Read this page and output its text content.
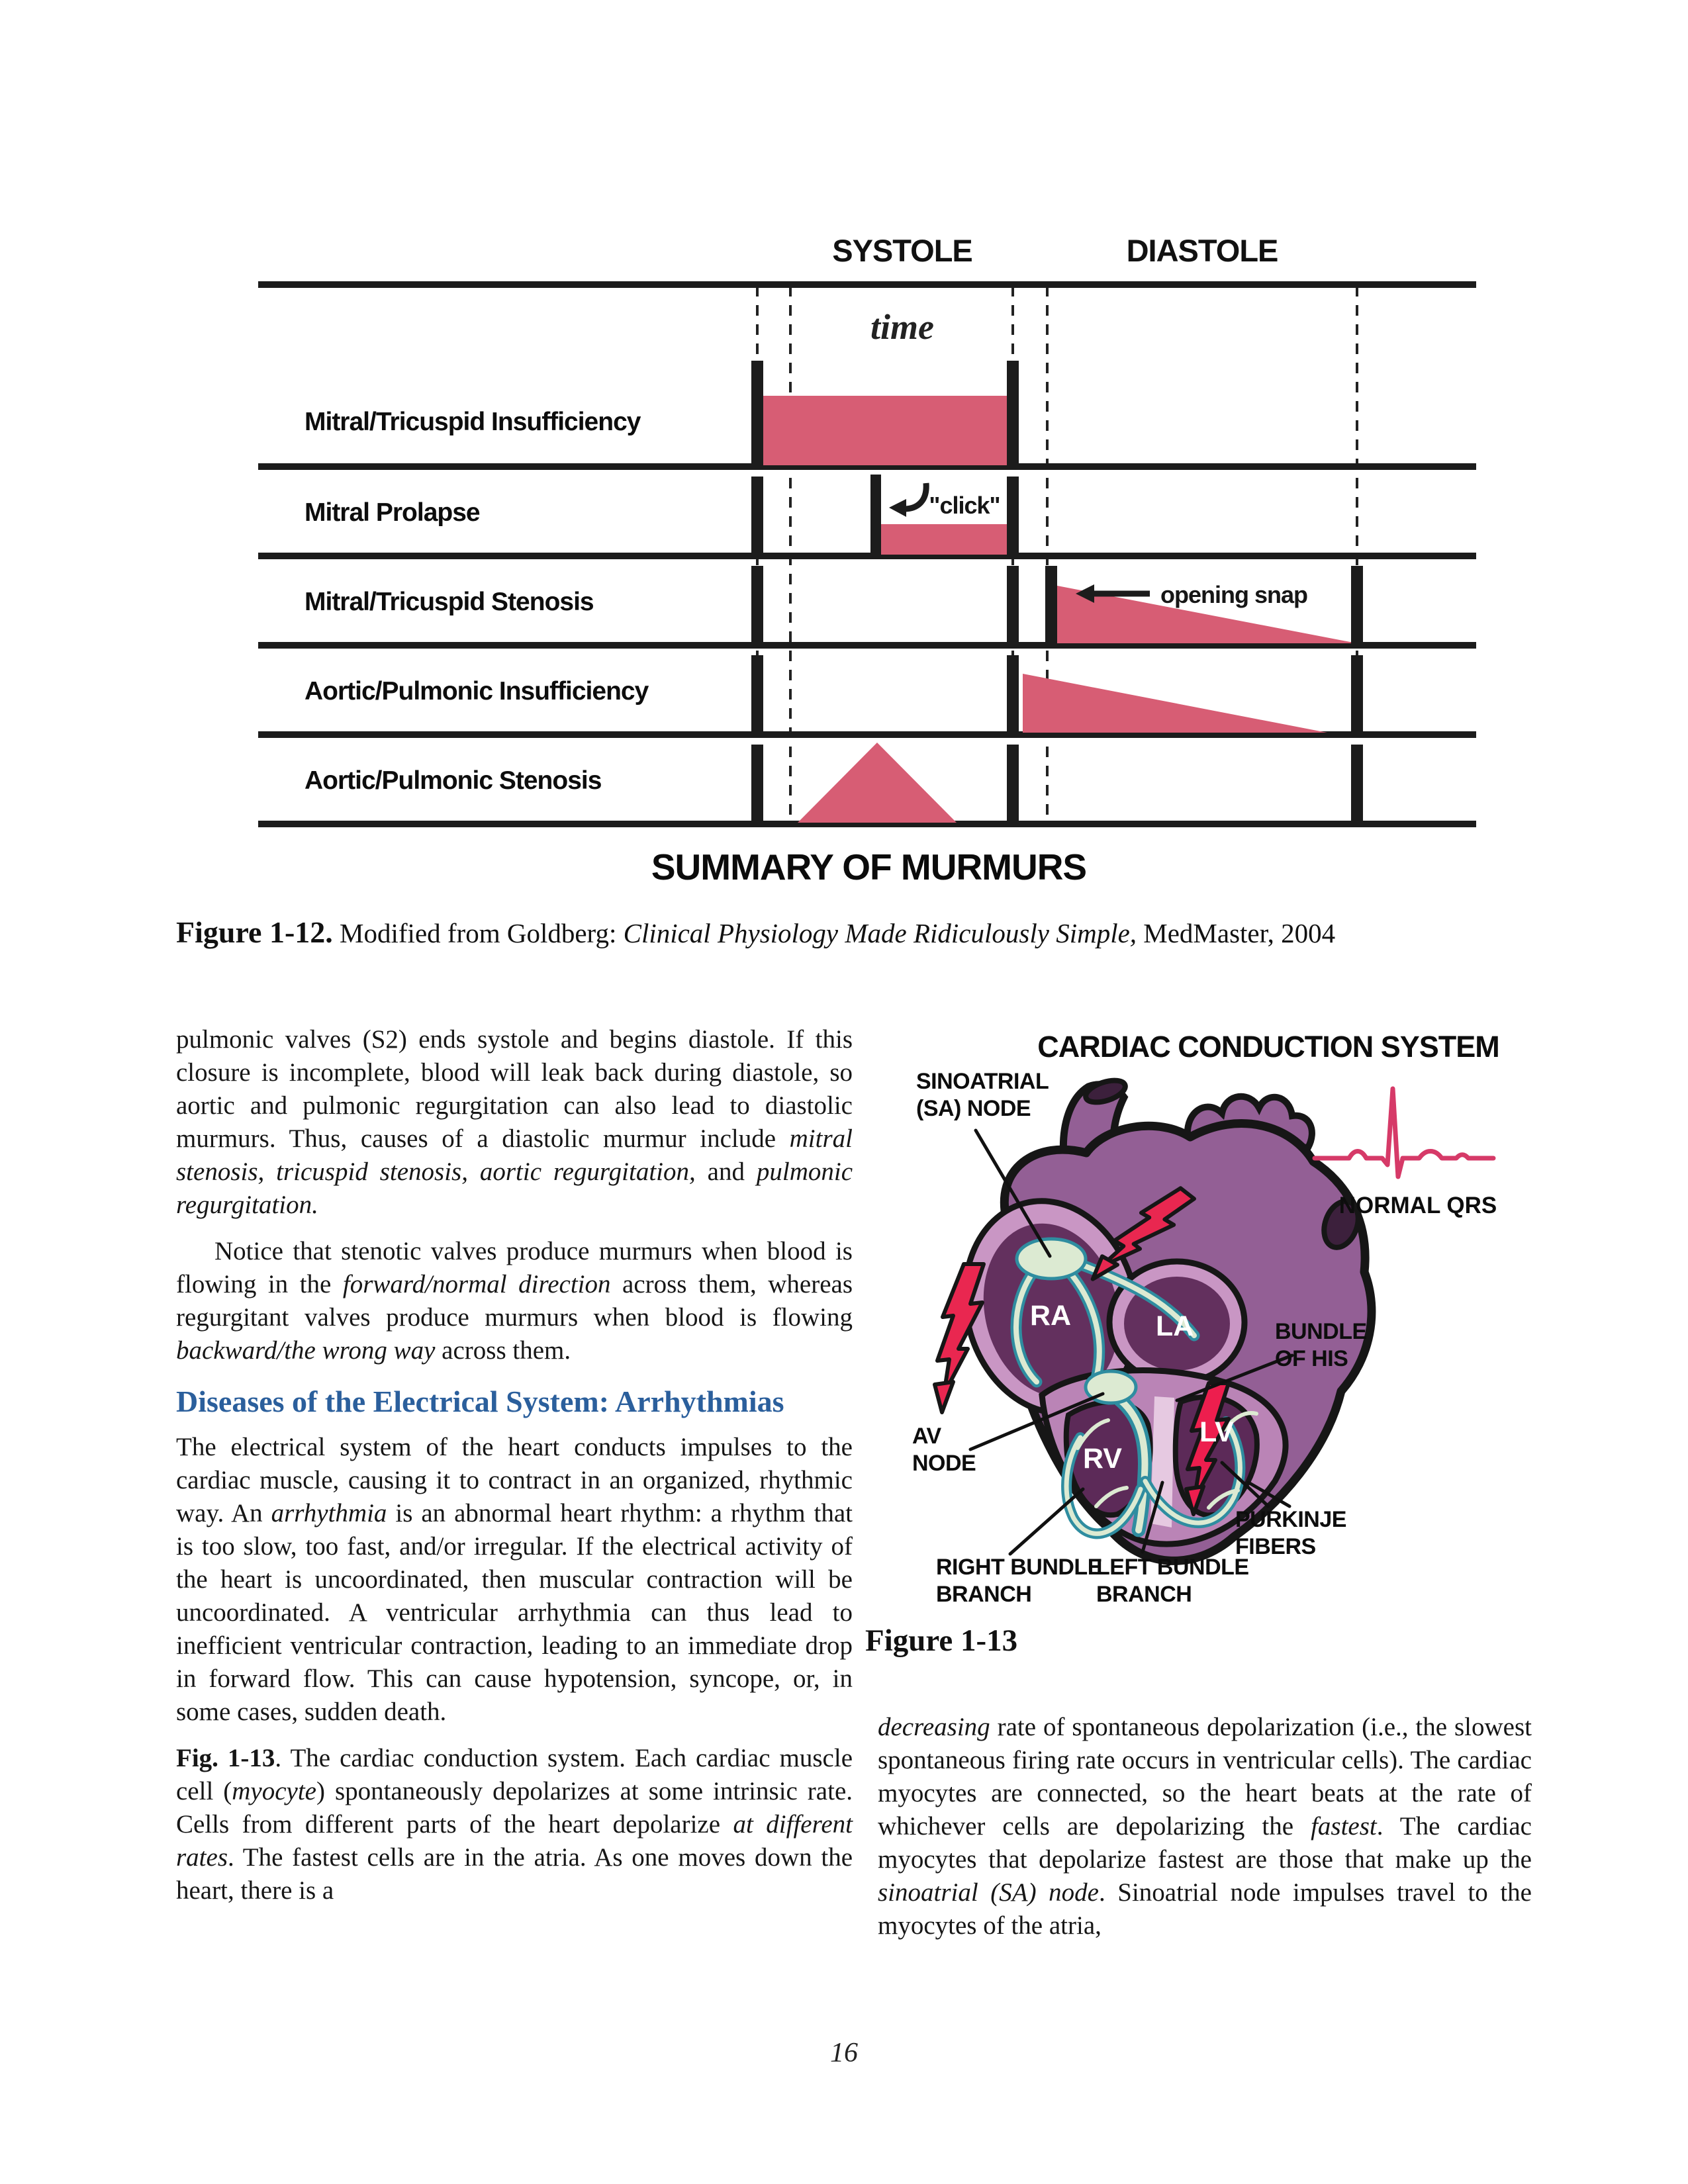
SYSTOLE	DIASTOLE
time
Mitral/Tricuspid Insufficiency
Mitral Prolapse	"click"
Mitral/Tricuspid Stenosis	opening snap
Aortic/Pulmonic Insufficiency
Aortic/Pulmonic Stenosis
SUMMARY OF MURMURS
Figure 1-12. Modified from Goldberg: Clinical Physiology Made Ridiculously Simple, MedMaster, 2004

pulmonic valves (S2) ends systole and begins diastole. If this closure is incomplete, blood will leak back during diastole, so aortic and pulmonic regurgitation can also lead to diastolic murmurs. Thus, causes of a diastolic murmur include mitral stenosis, tricuspid stenosis, aortic regurgitation, and pulmonic regurgitation.

Notice that stenotic valves produce murmurs when blood is flowing in the forward/normal direction across them, whereas regurgitant valves produce murmurs when blood is flowing backward/the wrong way across them.

Diseases of the Electrical System: Arrhythmias

The electrical system of the heart conducts impulses to the cardiac muscle, causing it to contract in an organized, rhythmic way. An arrhythmia is an abnormal heart rhythm: a rhythm that is too slow, too fast, and/or irregular. If the electrical activity of the heart is uncoordinated, then muscular contraction will be uncoordinated. A ventricular arrhythmia can thus lead to inefficient ventricular contraction, leading to an immediate drop in forward flow. This can cause hypotension, syncope, or, in some cases, sudden death.

Fig. 1-13. The cardiac conduction system. Each cardiac muscle cell (myocyte) spontaneously depolarizes at some intrinsic rate. Cells from different parts of the heart depolarize at different rates. The fastest cells are in the atria. As one moves down the heart, there is a

RA	LA
RV
LV
SINOATRIAL
(SA) NODE
NORMAL QRS
AV
NODE
BUNDLE
OF HIS
PURKINJE
FIBERS
RIGHT BUNDLE
BRANCH
LEFT BUNDLE
BRANCH
CARDIAC CONDUCTION SYSTEM
Figure 1-13

decreasing rate of spontaneous depolarization (i.e., the slowest spontaneous firing rate occurs in ventricular cells). The cardiac myocytes are connected, so the heart beats at the rate of whichever cells are depolarizing the fastest. The cardiac myocytes that depolarize fastest are those that make up the sinoatrial (SA) node. Sinoatrial node impulses travel to the myocytes of the atria,

16
